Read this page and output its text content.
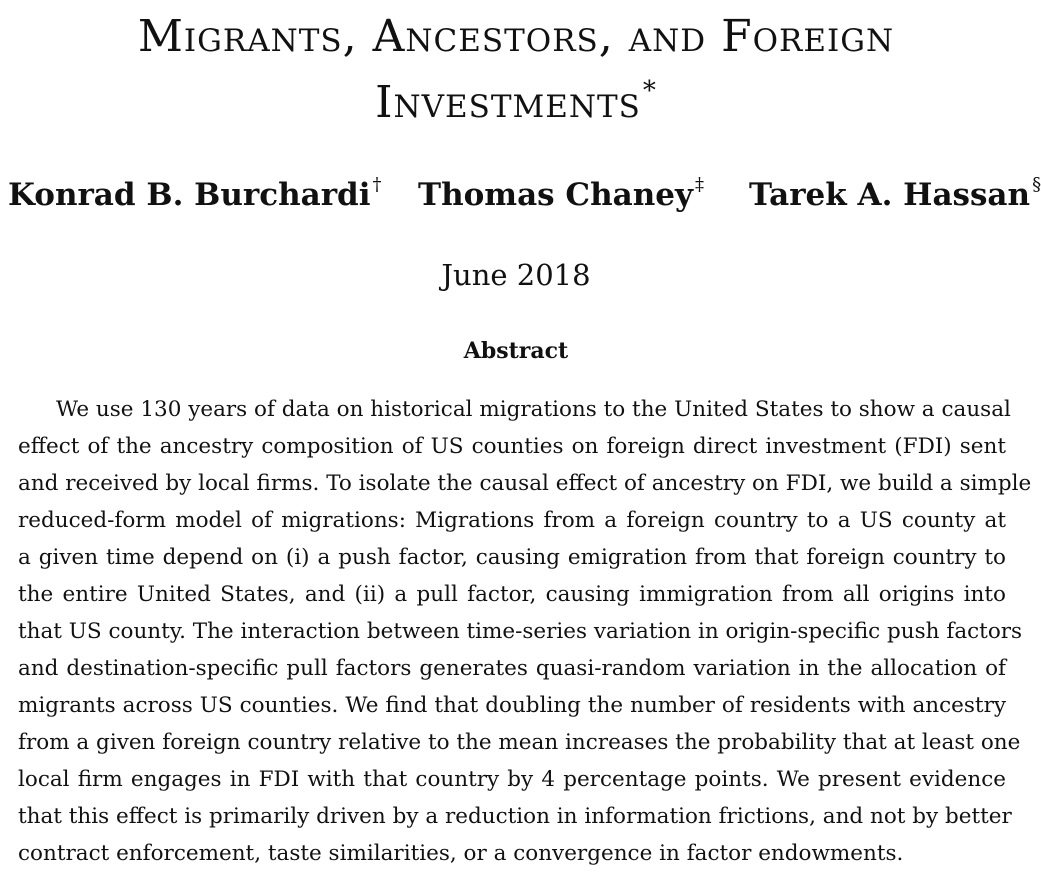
Migrants, Ancestors, and Foreign
Investments*
Konrad B. Burchardi † Thomas Chaney ‡ Tarek A. Hassan §
June 2018
Abstract
We use 130 years of data on historical migrations to the United States to show a causal
effect of the ancestry composition of US counties on foreign direct investment (FDI) sent
and received by local firms. To isolate the causal effect of ancestry on FDI, we build a simple
reduced-form model of migrations: Migrations from a foreign country to a US county at
a given time depend on (i) a push factor, causing emigration from that foreign country to
the entire United States, and (ii) a pull factor, causing immigration from all origins into
that US county. The interaction between time-series variation in origin-specific push factors
and destination-specific pull factors generates quasi-random variation in the allocation of
migrants across US counties. We find that doubling the number of residents with ancestry
from a given foreign country relative to the mean increases the probability that at least one
local firm engages in FDI with that country by 4 percentage points. We present evidence
that this effect is primarily driven by a reduction in information frictions, and not by better
contract enforcement, taste similarities, or a convergence in factor endowments.
